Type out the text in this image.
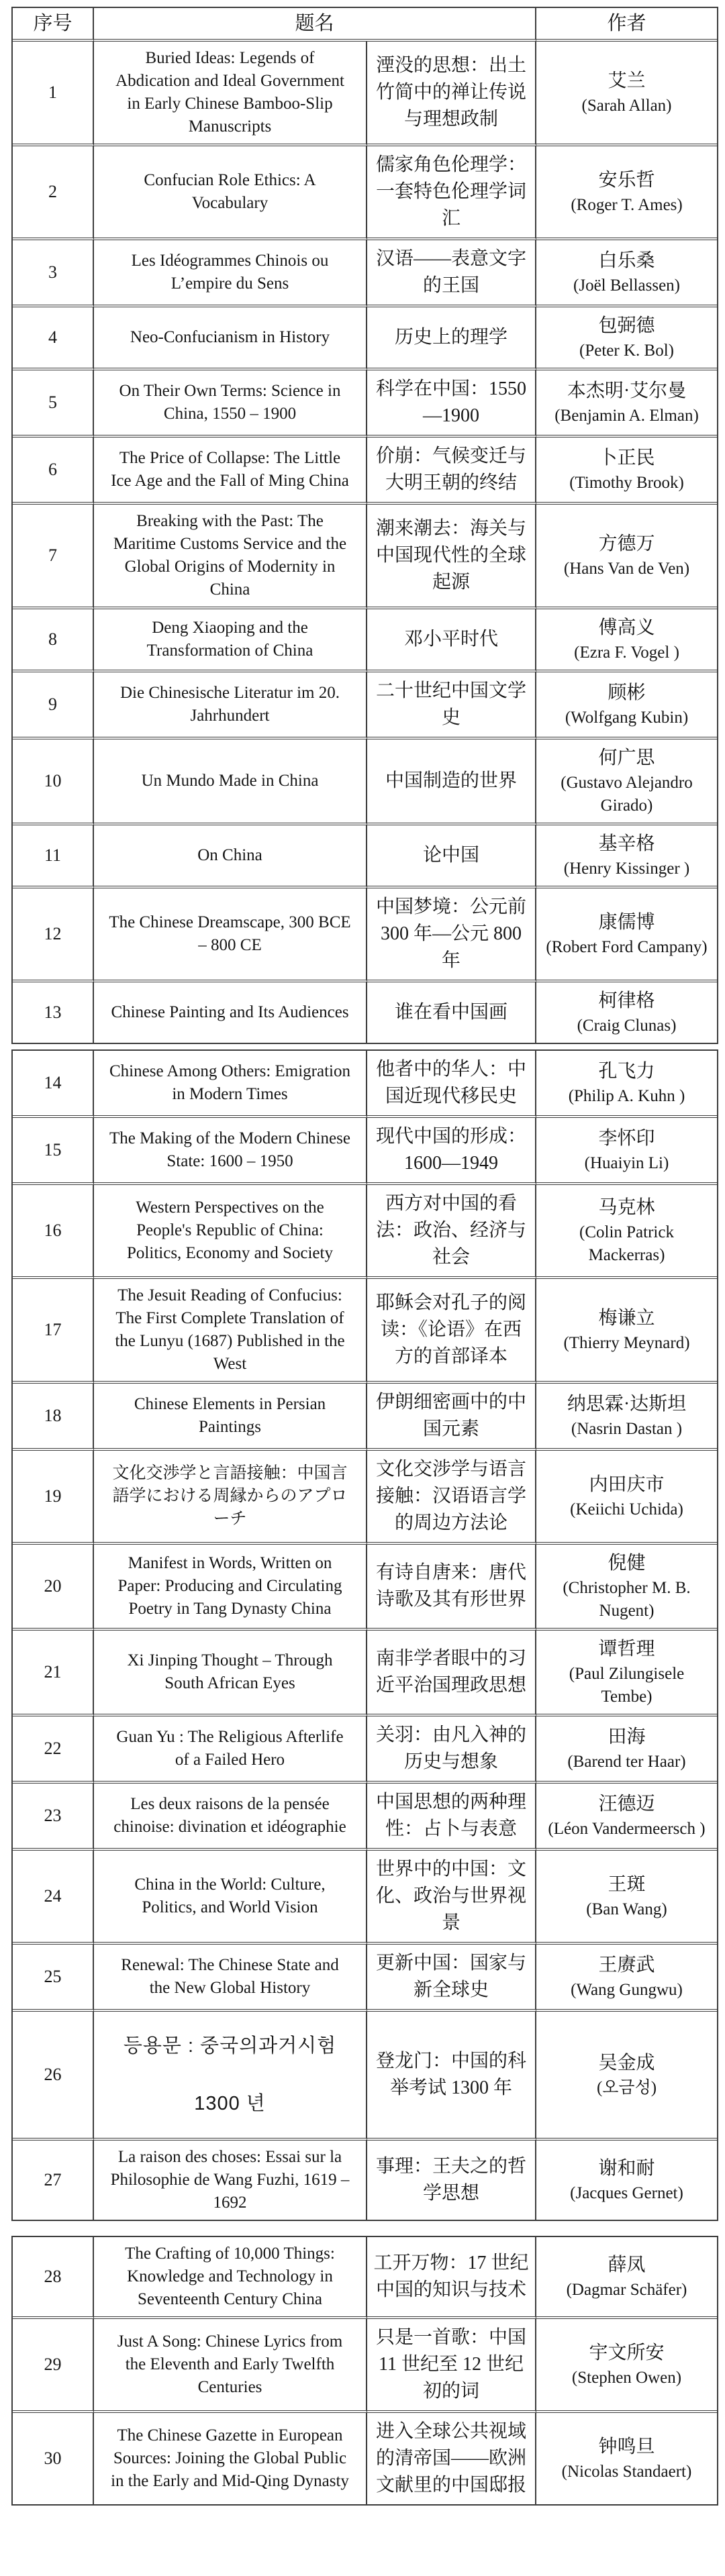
序号	题名		作者
1	Buried Ideas: Legends of Abdication and Ideal Government in Early Chinese Bamboo-Slip Manuscripts	湮没的思想：出土竹简中的禅让传说与理想政制	艾兰
(Sarah Allan)

2	Confucian Role Ethics: A Vocabulary	儒家角色伦理学：一套特色伦理学词汇	安乐哲
(Roger T. Ames)

3	Les Idéogrammes Chinois ou L’empire du Sens	汉语——表意文字的王国	白乐桑
(Joël Bellassen)

4	Neo-Confucianism in History	历史上的理学	包弼德
(Peter K. Bol)

5	On Their Own Terms: Science in China, 1550 – 1900	科学在中国：1550—1900	本杰明·艾尔曼
(Benjamin A. Elman)

6	The Price of Collapse: The Little Ice Age and the Fall of Ming China	价崩：气候变迁与大明王朝的终结	卜正民
(Timothy Brook)

7	Breaking with the Past: The Maritime Customs Service and the Global Origins of Modernity in China	潮来潮去：海关与中国现代性的全球起源	方德万
(Hans Van de Ven)

8	Deng Xiaoping and the Transformation of China	邓小平时代	傅高义
(Ezra F. Vogel )

9	Die Chinesische Literatur im 20. Jahrhundert	二十世纪中国文学史	顾彬
(Wolfgang Kubin)

10	Un Mundo Made in China	中国制造的世界	何广思
(Gustavo Alejandro Girado)

11	On China	论中国	基辛格
(Henry Kissinger )

12	The Chinese Dreamscape, 300 BCE – 800 CE	中国梦境：公元前 300 年—公元 800 年	康儒博
(Robert Ford Campany)

13	Chinese Painting and Its Audiences	谁在看中国画	柯律格
(Craig Clunas)
14	Chinese Among Others: Emigration in Modern Times	他者中的华人：中国近现代移民史	孔飞力
(Philip A. Kuhn )

15	The Making of the Modern Chinese State: 1600 – 1950	现代中国的形成：1600—1949	李怀印
(Huaiyin Li)

16	Western Perspectives on the People's Republic of China: Politics, Economy and Society	西方对中国的看法：政治、经济与社会	马克林
(Colin Patrick Mackerras)

17	The Jesuit Reading of Confucius: The First Complete Translation of the Lunyu (1687) Published in the West	耶稣会对孔子的阅读：《论语》在西方的首部译本	梅谦立
(Thierry Meynard)

18	Chinese Elements in Persian Paintings	伊朗细密画中的中国元素	纳思霖·达斯坦
(Nasrin Dastan )

19	文化交渉学と言語接触：中国言語学における周縁からのアプローチ	文化交涉学与语言接触：汉语语言学的周边方法论	内田庆市
(Keiichi Uchida)

20	Manifest in Words, Written on Paper: Producing and Circulating Poetry in Tang Dynasty China	有诗自唐来：唐代诗歌及其有形世界	倪健
(Christopher M. B. Nugent)

21	Xi Jinping Thought – Through South African Eyes	南非学者眼中的习近平治国理政思想	谭哲理
(Paul Zilungisele Tembe)

22	Guan Yu : The Religious Afterlife of a Failed Hero	关羽：由凡入神的历史与想象	田海
(Barend ter Haar)

23	Les deux raisons de la pensée chinoise: divination et idéographie	中国思想的两种理性：占卜与表意	汪德迈
(Léon Vandermeersch )

24	China in the World: Culture, Politics, and World Vision	世界中的中国：文化、政治与世界视景	王斑
(Ban Wang)

25	Renewal: The Chinese State and the New Global History	更新中国：国家与新全球史	王赓武
(Wang Gungwu)

26	등용문 : 중국의과거시험 1300 년	登龙门：中国的科举考试 1300 年	吴金成
(오금성)

27	La raison des choses: Essai sur la Philosophie de Wang Fuzhi, 1619 – 1692	事理：王夫之的哲学思想	谢和耐
(Jacques Gernet)
28	The Crafting of 10,000 Things: Knowledge and Technology in Seventeenth Century China	工开万物：17 世纪中国的知识与技术	薛凤
(Dagmar Schäfer)

29	Just A Song: Chinese Lyrics from the Eleventh and Early Twelfth Centuries	只是一首歌：中国 11 世纪至 12 世纪初的词	宇文所安
(Stephen Owen)

30	The Chinese Gazette in European Sources: Joining the Global Public in the Early and Mid-Qing Dynasty	进入全球公共视域的清帝国——欧洲文献里的中国邸报	钟鸣旦
(Nicolas Standaert)
